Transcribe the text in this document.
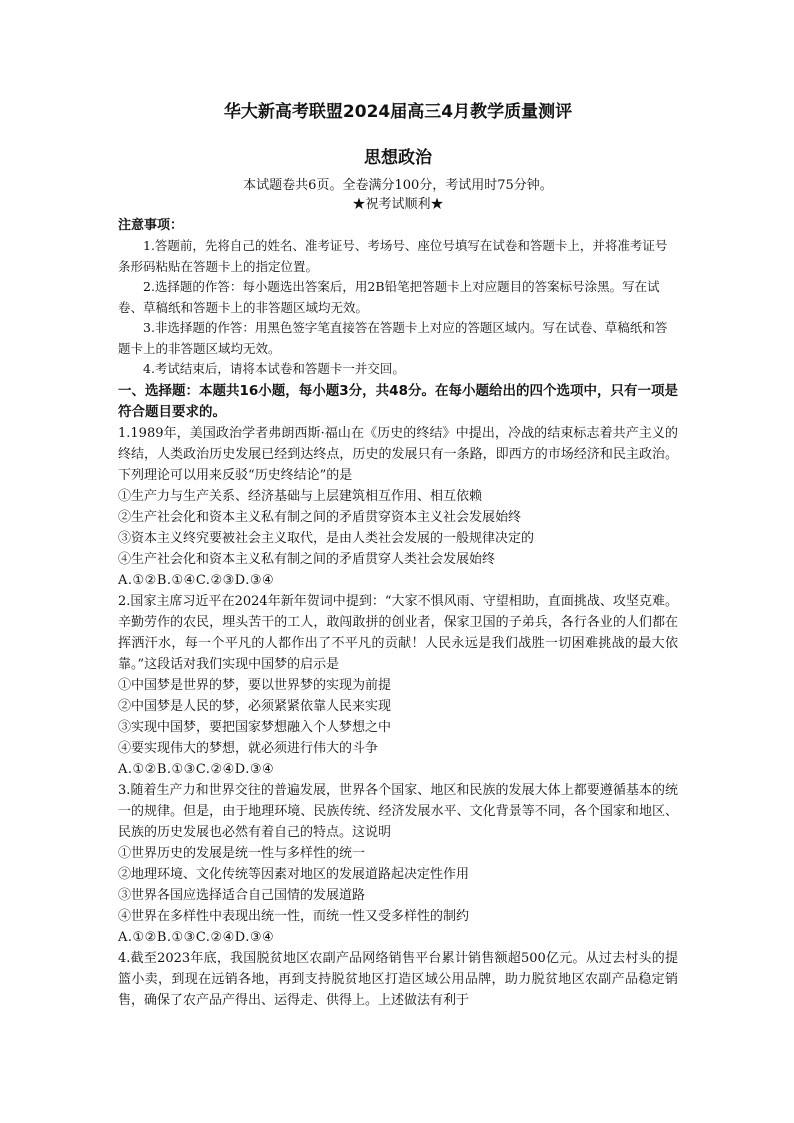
华大新高考联盟2024届高三4月教学质量测评
思想政治
本试题卷共6页。全卷满分100分，考试用时75分钟。
★祝考试顺利★
注意事项：

1.答题前，先将自己的姓名、准考证号、考场号、座位号填写在试卷和答题卡上，并将准考证号条形码粘贴在答题卡上的指定位置。

2.选择题的作答：每小题选出答案后，用2B铅笔把答题卡上对应题目的答案标号涂黑。写在试卷、草稿纸和答题卡上的非答题区域均无效。

3.非选择题的作答：用黑色签字笔直接答在答题卡上对应的答题区域内。写在试卷、草稿纸和答题卡上的非答题区域均无效。

4.考试结束后，请将本试卷和答题卡一并交回。

一、选择题：本题共16小题，每小题3分，共48分。在每小题给出的四个选项中，只有一项是符合题目要求的。

1.1989年，美国政治学者弗朗西斯·福山在《历史的终结》中提出，冷战的结束标志着共产主义的终结，人类政治历史发展已经到达终点，历史的发展只有一条路，即西方的市场经济和民主政治。下列理论可以用来反驳“历史终结论”的是

①生产力与生产关系、经济基础与上层建筑相互作用、相互依赖
②生产社会化和资本主义私有制之间的矛盾贯穿资本主义社会发展始终
③资本主义终究要被社会主义取代，是由人类社会发展的一般规律决定的
④生产社会化和资本主义私有制之间的矛盾贯穿人类社会发展始终
A.①②B.①④C.②③D.③④

2.国家主席习近平在2024年新年贺词中提到：“大家不惧风雨、守望相助，直面挑战、攻坚克难。辛勤劳作的农民，埋头苦干的工人，敢闯敢拼的创业者，保家卫国的子弟兵，各行各业的人们都在挥洒汗水，每一个平凡的人都作出了不平凡的贡献！人民永远是我们战胜一切困难挑战的最大依靠。”这段话对我们实现中国梦的启示是

①中国梦是世界的梦，要以世界梦的实现为前提
②中国梦是人民的梦，必须紧紧依靠人民来实现
③实现中国梦，要把国家梦想融入个人梦想之中
④要实现伟大的梦想，就必须进行伟大的斗争
A.①②B.①③C.②④D.③④

3.随着生产力和世界交往的普遍发展，世界各个国家、地区和民族的发展大体上都要遵循基本的统一的规律。但是，由于地理环境、民族传统、经济发展水平、文化背景等不同，各个国家和地区、民族的历史发展也必然有着自己的特点。这说明

①世界历史的发展是统一性与多样性的统一
②地理环境、文化传统等因素对地区的发展道路起决定性作用
③世界各国应选择适合自己国情的发展道路
④世界在多样性中表现出统一性，而统一性又受多样性的制约
A.①②B.①③C.②④D.③④

4.截至2023年底，我国脱贫地区农副产品网络销售平台累计销售额超500亿元。从过去村头的提篮小卖，到现在远销各地，再到支持脱贫地区打造区域公用品牌，助力脱贫地区农副产品稳定销售，确保了农产品产得出、运得走、供得上。上述做法有利于
